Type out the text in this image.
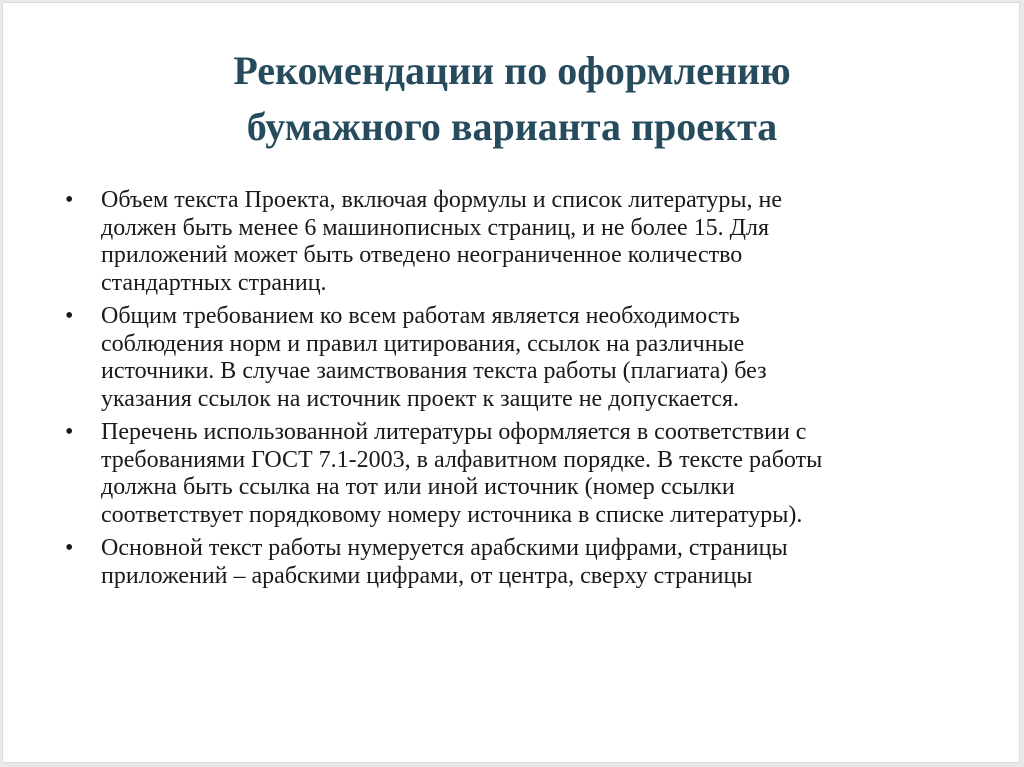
Рекомендации по оформлению
бумажного варианта проекта
•	Объем текста Проекта, включая формулы и список литературы, не
должен быть менее 6 машинописных страниц, и не более 15. Для
приложений может быть отведено неограниченное количество
стандартных страниц.
•	Общим требованием ко всем работам является необходимость
соблюдения норм и правил цитирования, ссылок на различные
источники. В случае заимствования текста работы (плагиата) без
указания ссылок на источник проект к защите не допускается.
•	Перечень использованной литературы оформляется в соответствии с
требованиями ГОСТ 7.1-2003, в алфавитном порядке. В тексте работы
должна быть ссылка на тот или иной источник (номер ссылки
соответствует порядковому номеру источника в списке литературы).
•	Основной текст работы нумеруется арабскими цифрами, страницы
приложений – арабскими цифрами, от центра, сверху страницы
